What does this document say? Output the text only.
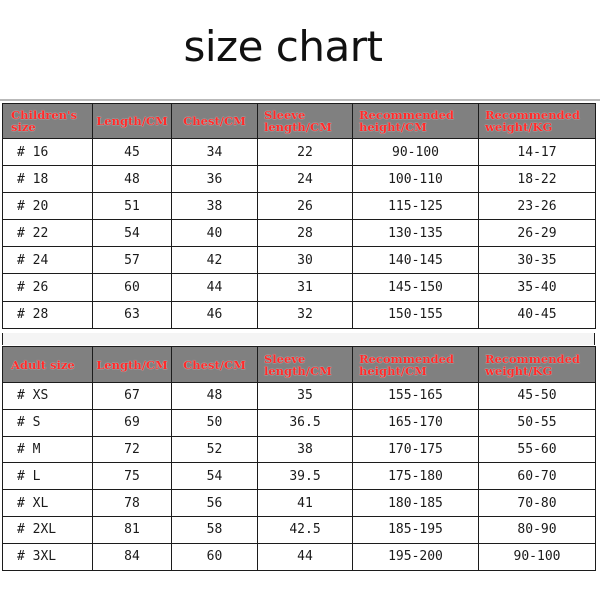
size chart
Children's size	Length/CM	Chest/CM	Sleeve length/CM	Recommended height/CM	Recommended weight/KG
# 16	45	34	22	90-100	14-17
# 18	48	36	24	100-110	18-22
# 20	51	38	26	115-125	23-26
# 22	54	40	28	130-135	26-29
# 24	57	42	30	140-145	30-35
# 26	60	44	31	145-150	35-40
# 28	63	46	32	150-155	40-45
Adult size	Length/CM	Chest/CM	Sleeve length/CM	Recommended height/CM	Recommended weight/KG
# XS	67	48	35	155-165	45-50
# S	69	50	36.5	165-170	50-55
# M	72	52	38	170-175	55-60
# L	75	54	39.5	175-180	60-70
# XL	78	56	41	180-185	70-80
# 2XL	81	58	42.5	185-195	80-90
# 3XL	84	60	44	195-200	90-100
